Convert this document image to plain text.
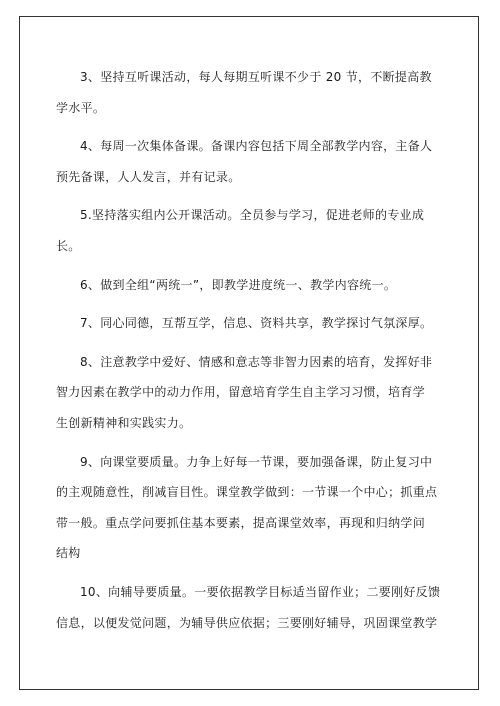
3、坚持互听课活动，每人每期互听课不少于 20 节，不断提高教
学水平。

4、每周一次集体备课。备课内容包括下周全部教学内容，主备人
预先备课，人人发言，并有记录。

5.坚持落实组内公开课活动。全员参与学习，促进老师的专业成
长。

6、做到全组“两统一”，即教学进度统一、教学内容统一。

7、同心同德，互帮互学，信息、资料共享，教学探讨气氛深厚。

8、注意教学中爱好、情感和意志等非智力因素的培育，发挥好非
智力因素在教学中的动力作用，留意培育学生自主学习习惯，培育学
生创新精神和实践实力。

9、向课堂要质量。力争上好每一节课，要加强备课，防止复习中
的主观随意性，削减盲目性。课堂教学做到：一节课一个中心；抓重点
带一般。重点学问要抓住基本要素，提高课堂效率，再现和归纳学问
结构

10、向辅导要质量。一要依据教学目标适当留作业；二要刚好反馈
信息，以便发觉问题，为辅导供应依据；三要刚好辅导，巩固课堂教学
